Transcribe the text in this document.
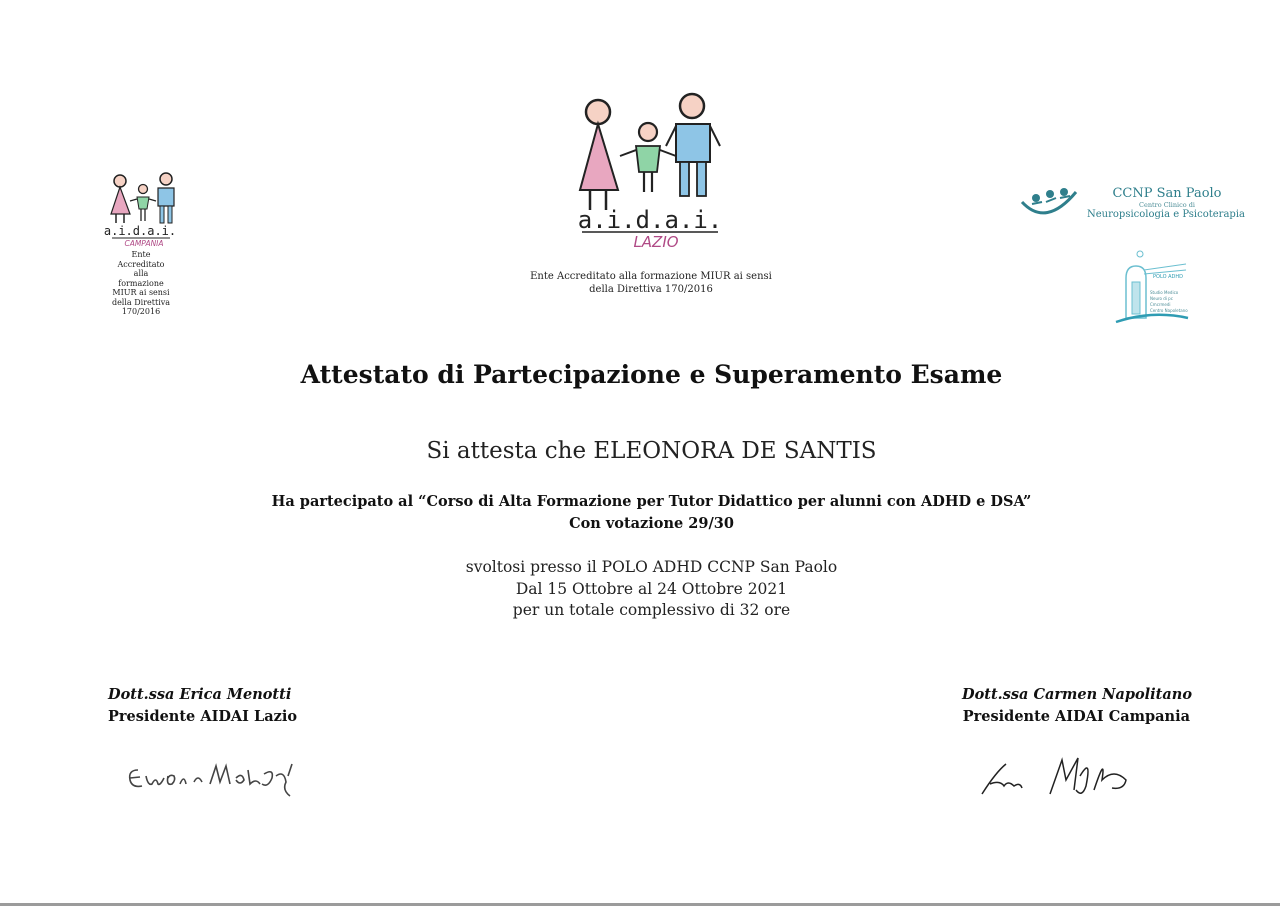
a.i.d.a.i.
CAMPANIA
Ente Accreditato alla formazione MIUR ai sensi della Direttiva 170/2016
a.i.d.a.i.
LAZIO
Ente Accreditato alla formazione MIUR ai sensi
della Direttiva 170/2016
CCNP San Paolo
Centro Clinico di
Neuropsicologia e Psicoterapia
POLO ADHD
Studio Medico
Neuro di pc
Cmcrmedi
Centro Napoletano
Attestato di Partecipazione e Superamento Esame
Si attesta che ELEONORA DE SANTIS
Ha partecipato al “Corso di Alta Formazione per Tutor Didattico per alunni con ADHD e DSA”
Con votazione 29/30
svoltosi presso il POLO ADHD CCNP San Paolo
Dal 15 Ottobre al 24 Ottobre 2021
per un totale complessivo di 32 ore
Dott.ssa Erica Menotti
Presidente AIDAI Lazio
Dott.ssa Carmen Napolitano
Presidente AIDAI Campania
